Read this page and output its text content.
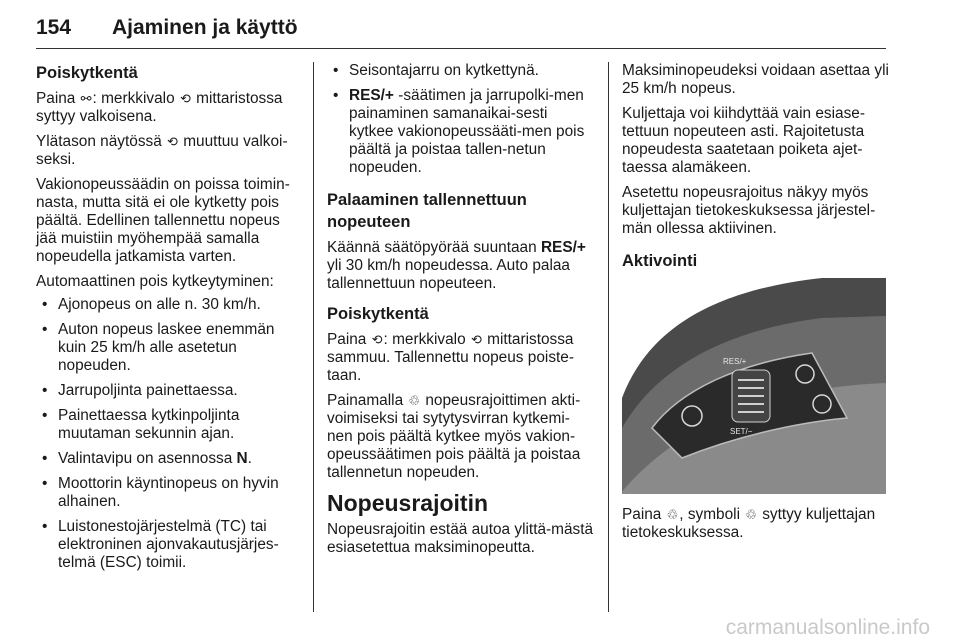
154 Ajaminen ja käyttö
Poiskytkentä

Paina ⚯: merkkivalo ⟲ mittaristossa syttyy valkoisena.

Ylätason näytössä ⟲ muuttuu valkoi-seksi.

Vakionopeussäädin on poissa toimin-nasta, mutta sitä ei ole kytketty pois päältä. Edellinen tallennettu nopeus jää muistiin myöhempää samalla nopeudella jatkamista varten.

Automaattinen pois kytkeytyminen:

• Ajonopeus on alle n. 30 km/h.
• Auton nopeus laskee enemmän kuin 25 km/h alle asetetun nopeuden.
• Jarrupoljinta painettaessa.
• Painettaessa kytkinpoljinta muutaman sekunnin ajan.
• Valintavipu on asennossa N.
• Moottorin käyntinopeus on hyvin alhainen.
• Luistonestojärjestelmä (TC) tai elektroninen ajonvakautusjärjes-telmä (ESC) toimii.
• Seisontajarru on kytkettynä.
• RES/+ -säätimen ja jarrupolki-men painaminen samanaikai-sesti kytkee vakionopeussääti-men pois päältä ja poistaa tallen-netun nopeuden.
Palaaminen tallennettuun nopeuteen

Käännä säätöpyörää suuntaan RES/+ yli 30 km/h nopeudessa. Auto palaa tallennettuun nopeuteen.

Poiskytkentä

Paina ⟲: merkkivalo ⟲ mittaristossa sammuu. Tallennettu nopeus poiste-taan.

Painamalla ♲ nopeusrajoittimen akti-voimiseksi tai sytytysvirran kytkemi-nen pois päältä kytkee myös vakion-opeussäätimen pois päältä ja poistaa tallennetun nopeuden.

Nopeusrajoitin

Nopeusrajoitin estää autoa ylittä-mästä esiasetettua maksiminopeutta.

Maksiminopeudeksi voidaan asettaa yli 25 km/h nopeus.

Kuljettaja voi kiihdyttää vain esiase-tettuun nopeuteen asti. Rajoitetusta nopeudesta saatetaan poiketa ajet-taessa alamäkeen.

Asetettu nopeusrajoitus näkyy myös kuljettajan tietokeskuksessa järjestel-män ollessa aktiivinen.

Aktivointi
RES/+
SET/−

Paina ♲, symboli ♲ syttyy kuljettajan tietokeskuksessa.

carmanualsonline.info
